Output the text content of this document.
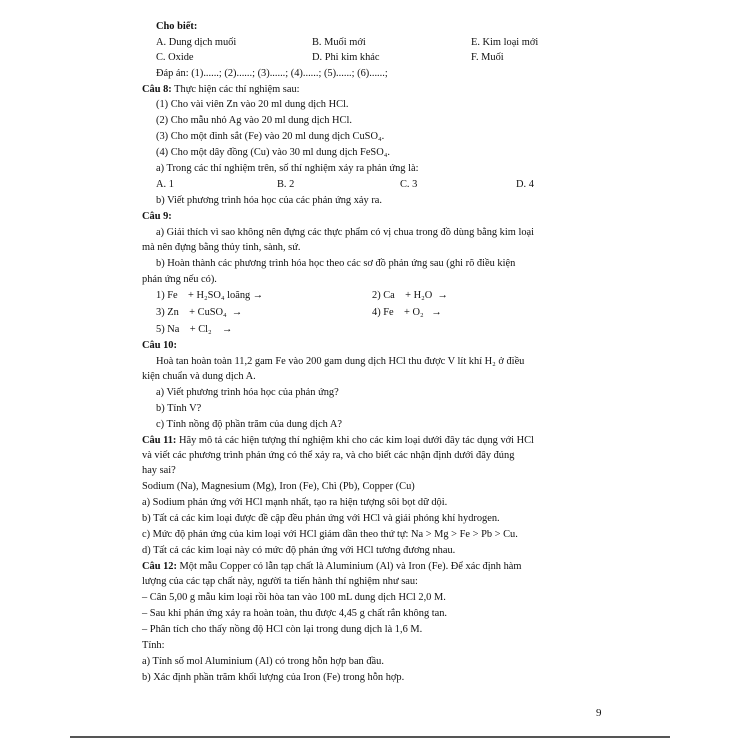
Cho biết:
A. Dung dịch muối	B. Muối mới	E. Kim loại mới
C. Oxide	D. Phi kim khác	F. Muối
Đáp án: (1)......; (2)......; (3)......; (4)......; (5)......; (6)......;
Câu 8: Thực hiện các thí nghiệm sau:
(1) Cho vài viên Zn vào 20 ml dung dịch HCl.
(2) Cho mẫu nhỏ Ag vào 20 ml dung dịch HCl.
(3) Cho một đinh sắt (Fe) vào 20 ml dung dịch CuSO₄.
(4) Cho một dây đồng (Cu) vào 30 ml dung dịch FeSO₄.
a) Trong các thí nghiệm trên, số thí nghiệm xảy ra phản ứng là:
A. 1	B. 2	C. 3	D. 4
b) Viết phương trình hóa học của các phản ứng xảy ra.
Câu 9:
a) Giải thích vì sao không nên đựng các thực phẩm có vị chua trong đồ dùng bằng kim loại
mà nên đựng bằng thủy tinh, sành, sứ.
b) Hoàn thành các phương trình hóa học theo các sơ đồ phản ứng sau (ghi rõ điều kiện
phản ứng nếu có).
1) Fe    + H₂SO₄ loãng →	2) Ca    + H₂O  →
3) Zn    + CuSO₄  →	4) Fe    + O₂   →
5) Na    + Cl₂    →
Câu 10:
Hoà tan hoàn toàn 11,2 gam Fe vào 200 gam dung dịch HCl thu được V lít khí H₂ ở điều
kiện chuẩn và dung dịch A.
a) Viết phương trình hóa học của phản ứng?
b) Tính V?
c) Tính nồng độ phần trăm của dung dịch A?
Câu 11: Hãy mô tả các hiện tượng thí nghiệm khi cho các kim loại dưới đây tác dụng với HCl
và viết các phương trình phản ứng có thể xảy ra, và cho biết các nhận định dưới đây đúng
hay sai?
Sodium (Na), Magnesium (Mg), Iron (Fe), Chì (Pb), Copper (Cu)
a) Sodium phản ứng với HCl mạnh nhất, tạo ra hiện tượng sôi bọt dữ dội.
b) Tất cả các kim loại được đề cập đều phản ứng với HCl và giải phóng khí hydrogen.
c) Mức độ phản ứng của kim loại với HCl giảm dần theo thứ tự: Na > Mg > Fe > Pb > Cu.
d) Tất cả các kim loại này có mức độ phản ứng với HCl tương đương nhau.
Câu 12: Một mẫu Copper có lẫn tạp chất là Aluminium (Al) và Iron (Fe). Để xác định hàm
lượng của các tạp chất này, người ta tiến hành thí nghiệm như sau:
– Cân 5,00 g mẫu kim loại rồi hòa tan vào 100 mL dung dịch HCl 2,0 M.
– Sau khi phản ứng xảy ra hoàn toàn, thu được 4,45 g chất rắn không tan.
– Phân tích cho thấy nồng độ HCl còn lại trong dung dịch là 1,6 M.
Tính:
a) Tính số mol Aluminium (Al) có trong hỗn hợp ban đầu.
b) Xác định phần trăm khối lượng của Iron (Fe) trong hỗn hợp.
9
